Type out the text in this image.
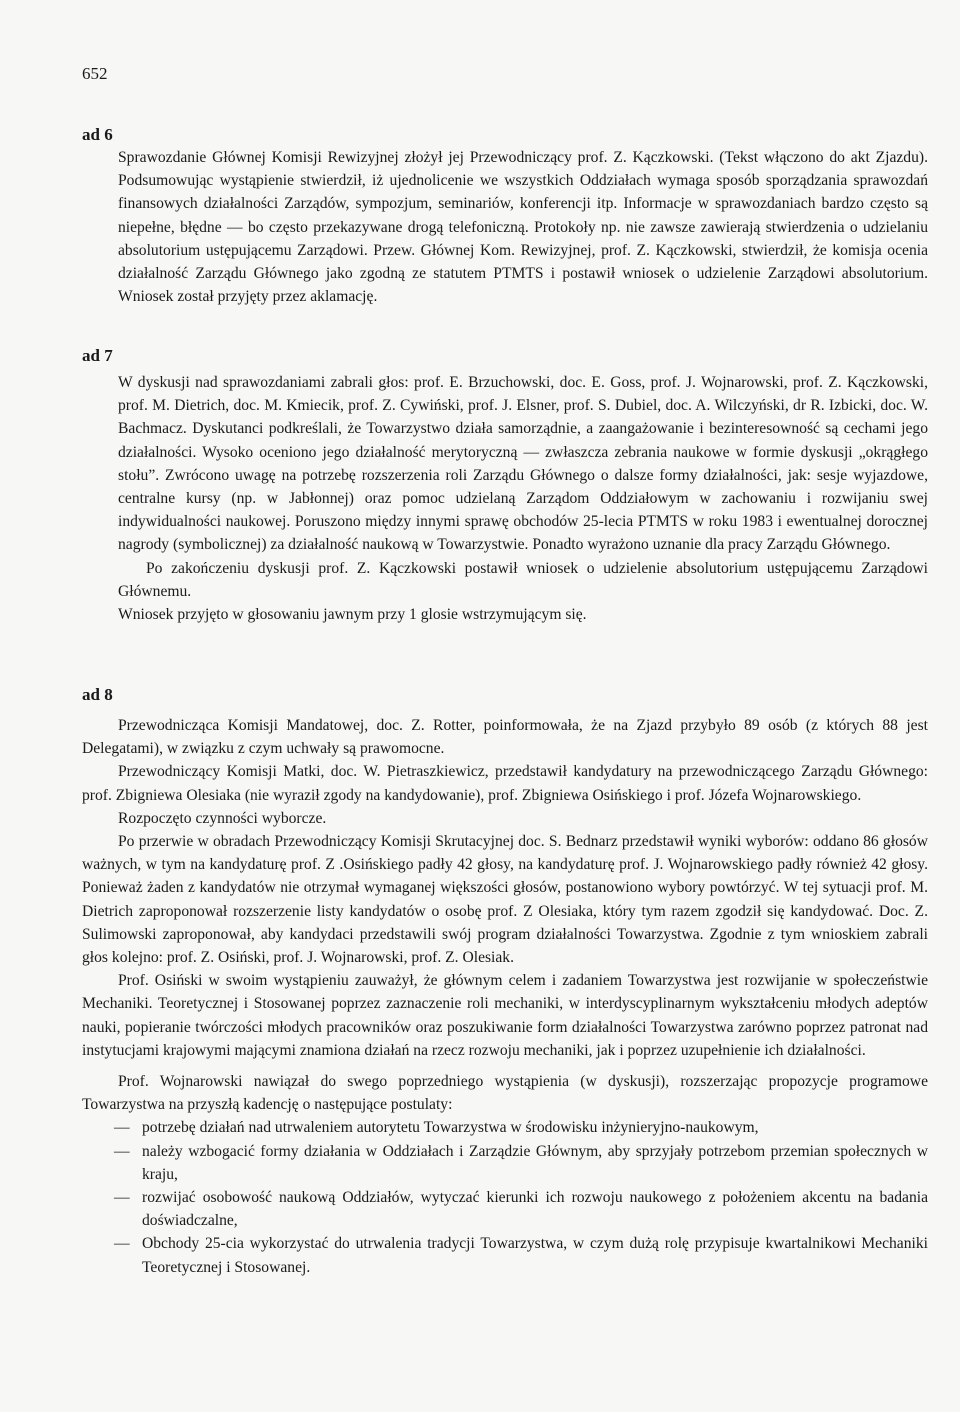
652
ad 6
Sprawozdanie Głównej Komisji Rewizyjnej złożył jej Przewodniczący prof. Z. Kączkowski. (Tekst włączono do akt Zjazdu). Podsumowując wystąpienie stwierdził, iż ujednolicenie we wszystkich Oddziałach wymaga sposób sporządzania sprawozdań finansowych działalności Zarządów, sympozjum, seminariów, konferencji itp. Informacje w sprawozdaniach bardzo często są niepełne, błędne — bo często przekazywane drogą telefoniczną. Protokoły np. nie zawsze zawierają stwierdzenia o udzielaniu absolutorium ustępującemu Zarządowi. Przew. Głównej Kom. Rewizyjnej, prof. Z. Kączkowski, stwierdził, że komisja ocenia działalność Zarządu Głównego jako zgodną ze statutem PTMTS i postawił wniosek o udzielenie Zarządowi absolutorium. Wniosek został przyjęty przez aklamację.
ad 7
W dyskusji nad sprawozdaniami zabrali głos: prof. E. Brzuchowski, doc. E. Goss, prof. J. Wojnarowski, prof. Z. Kączkowski, prof. M. Dietrich, doc. M. Kmiecik, prof. Z. Cywiński, prof. J. Elsner, prof. S. Dubiel, doc. A. Wilczyński, dr R. Izbicki, doc. W. Bachmacz. Dyskutanci podkreślali, że Towarzystwo działa samorządnie, a zaangażowanie i bezinteresowność są cechami jego działalności. Wysoko oceniono jego działalność merytoryczną — zwłaszcza zebrania naukowe w formie dyskusji „okrągłego stołu”. Zwrócono uwagę na potrzebę rozszerzenia roli Zarządu Głównego o dalsze formy działalności, jak: sesje wyjazdowe, centralne kursy (np. w Jabłonnej) oraz pomoc udzielaną Zarządom Oddziałowym w zachowaniu i rozwijaniu swej indywidualności naukowej. Poruszono między innymi sprawę obchodów 25-lecia PTMTS w roku 1983 i ewentualnej dorocznej nagrody (symbolicznej) za działalność naukową w Towarzystwie. Ponadto wyrażono uznanie dla pracy Zarządu Głównego.
Po zakończeniu dyskusji prof. Z. Kączkowski postawił wniosek o udzielenie absolutorium ustępującemu Zarządowi Głównemu.
Wniosek przyjęto w głosowaniu jawnym przy 1 glosie wstrzymującym się.
ad 8
Przewodnicząca Komisji Mandatowej, doc. Z. Rotter, poinformowała, że na Zjazd przybyło 89 osób (z których 88 jest Delegatami), w związku z czym uchwały są prawomocne.
Przewodniczący Komisji Matki, doc. W. Pietraszkiewicz, przedstawił kandydatury na przewodniczącego Zarządu Głównego: prof. Zbigniewa Olesiaka (nie wyraził zgody na kandydowanie), prof. Zbigniewa Osińskiego i prof. Józefa Wojnarowskiego.
Rozpoczęto czynności wyborcze.
Po przerwie w obradach Przewodniczący Komisji Skrutacyjnej doc. S. Bednarz przedstawił wyniki wyborów: oddano 86 głosów ważnych, w tym na kandydaturę prof. Z .Osińskiego padły 42 głosy, na kandydaturę prof. J. Wojnarowskiego padły również 42 głosy. Ponieważ żaden z kandydatów nie otrzymał wymaganej większości głosów, postanowiono wybory powtórzyć. W tej sytuacji prof. M. Dietrich zaproponował rozszerzenie listy kandydatów o osobę prof. Z Olesiaka, który tym razem zgodził się kandydować. Doc. Z. Sulimowski zaproponował, aby kandydaci przedstawili swój program działalności Towarzystwa. Zgodnie z tym wnioskiem zabrali głos kolejno: prof. Z. Osiński, prof. J. Wojnarowski, prof. Z. Olesiak.
Prof. Osiński w swoim wystąpieniu zauważył, że głównym celem i zadaniem Towarzystwa jest rozwijanie w społeczeństwie Mechaniki. Teoretycznej i Stosowanej poprzez zaznaczenie roli mechaniki, w interdyscyplinarnym wykształceniu młodych adeptów nauki, popieranie twórczości młodych pracowników oraz poszukiwanie form działalności Towarzystwa zarówno poprzez patronat nad instytucjami krajowymi mającymi znamiona działań na rzecz rozwoju mechaniki, jak i poprzez uzupełnienie ich działalności.
Prof. Wojnarowski nawiązał do swego poprzedniego wystąpienia (w dyskusji), rozszerzając propozycje programowe Towarzystwa na przyszłą kadencję o następujące postulaty:
— potrzebę działań nad utrwaleniem autorytetu Towarzystwa w środowisku inżynieryjno-naukowym,
— należy wzbogacić formy działania w Oddziałach i Zarządzie Głównym, aby sprzyjały potrzebom przemian społecznych w kraju,
— rozwijać osobowość naukową Oddziałów, wytyczać kierunki ich rozwoju naukowego z położeniem akcentu na badania doświadczalne,
— Obchody 25-cia wykorzystać do utrwalenia tradycji Towarzystwa, w czym dużą rolę przypisuje kwartalnikowi Mechaniki Teoretycznej i Stosowanej.
